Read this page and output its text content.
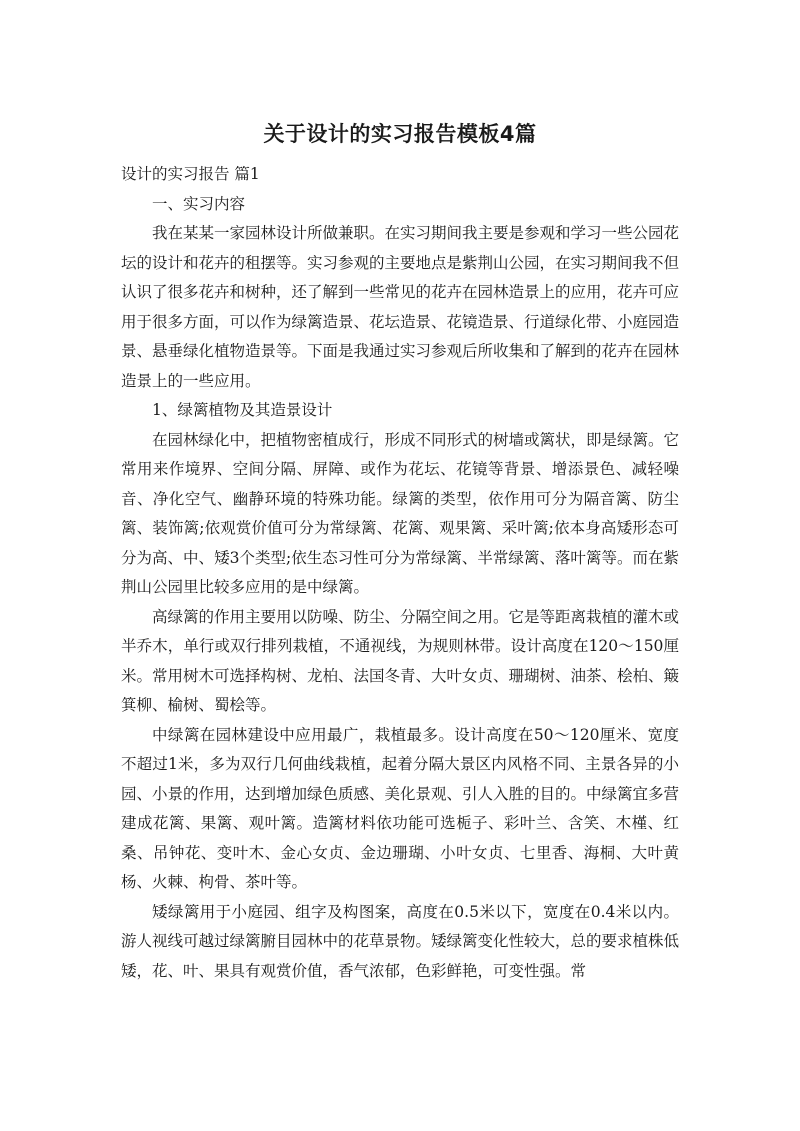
关于设计的实习报告模板4篇

设计的实习报告 篇1

一、实习内容

我在某某一家园林设计所做兼职。在实习期间我主要是参观和学习一些公园花坛的设计和花卉的租摆等。实习参观的主要地点是紫荆山公园，在实习期间我不但认识了很多花卉和树种，还了解到一些常见的花卉在园林造景上的应用，花卉可应用于很多方面，可以作为绿篱造景、花坛造景、花镜造景、行道绿化带、小庭园造景、悬垂绿化植物造景等。下面是我通过实习参观后所收集和了解到的花卉在园林造景上的一些应用。

1、绿篱植物及其造景设计

在园林绿化中，把植物密植成行，形成不同形式的树墙或篱状，即是绿篱。它常用来作境界、空间分隔、屏障、或作为花坛、花镜等背景、增添景色、减轻噪音、净化空气、幽静环境的特殊功能。绿篱的类型，依作用可分为隔音篱、防尘篱、装饰篱;依观赏价值可分为常绿篱、花篱、观果篱、采叶篱;依本身高矮形态可分为高、中、矮3个类型;依生态习性可分为常绿篱、半常绿篱、落叶篱等。而在紫荆山公园里比较多应用的是中绿篱。

高绿篱的作用主要用以防噪、防尘、分隔空间之用。它是等距离栽植的灌木或半乔木，单行或双行排列栽植，不通视线，为规则林带。设计高度在120～150厘米。常用树木可选择构树、龙柏、法国冬青、大叶女贞、珊瑚树、油茶、桧柏、簸箕柳、榆树、蜀桧等。

中绿篱在园林建设中应用最广，栽植最多。设计高度在50～120厘米、宽度不超过1米，多为双行几何曲线栽植，起着分隔大景区内风格不同、主景各异的小园、小景的作用，达到增加绿色质感、美化景观、引人入胜的目的。中绿篱宜多营建成花篱、果篱、观叶篱。造篱材料依功能可选栀子、彩叶兰、含笑、木槿、红桑、吊钟花、变叶木、金心女贞、金边珊瑚、小叶女贞、七里香、海桐、大叶黄杨、火棘、枸骨、茶叶等。

矮绿篱用于小庭园、组字及构图案，高度在0.5米以下，宽度在0.4米以内。游人视线可越过绿篱腑目园林中的花草景物。矮绿篱变化性较大，总的要求植株低矮，花、叶、果具有观赏价值，香气浓郁，色彩鲜艳，可变性强。常
